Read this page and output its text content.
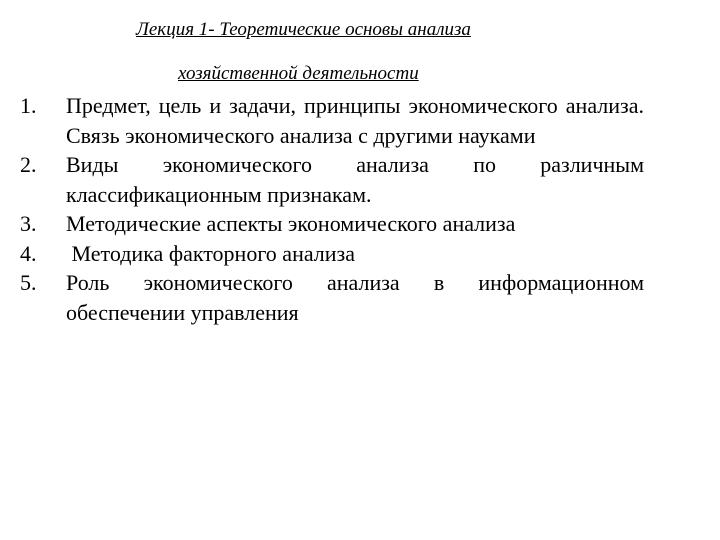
Лекция 1- Теоретические основы анализа
хозяйственной деятельности
1. Предмет, цель и задачи, принципы экономического анализа. Связь экономического анализа с другими науками
2. Виды экономического анализа по различным классификационным признакам.
3. Методические аспекты экономического анализа
4. Методика факторного анализа
5. Роль экономического анализа в информационном обеспечении управления
